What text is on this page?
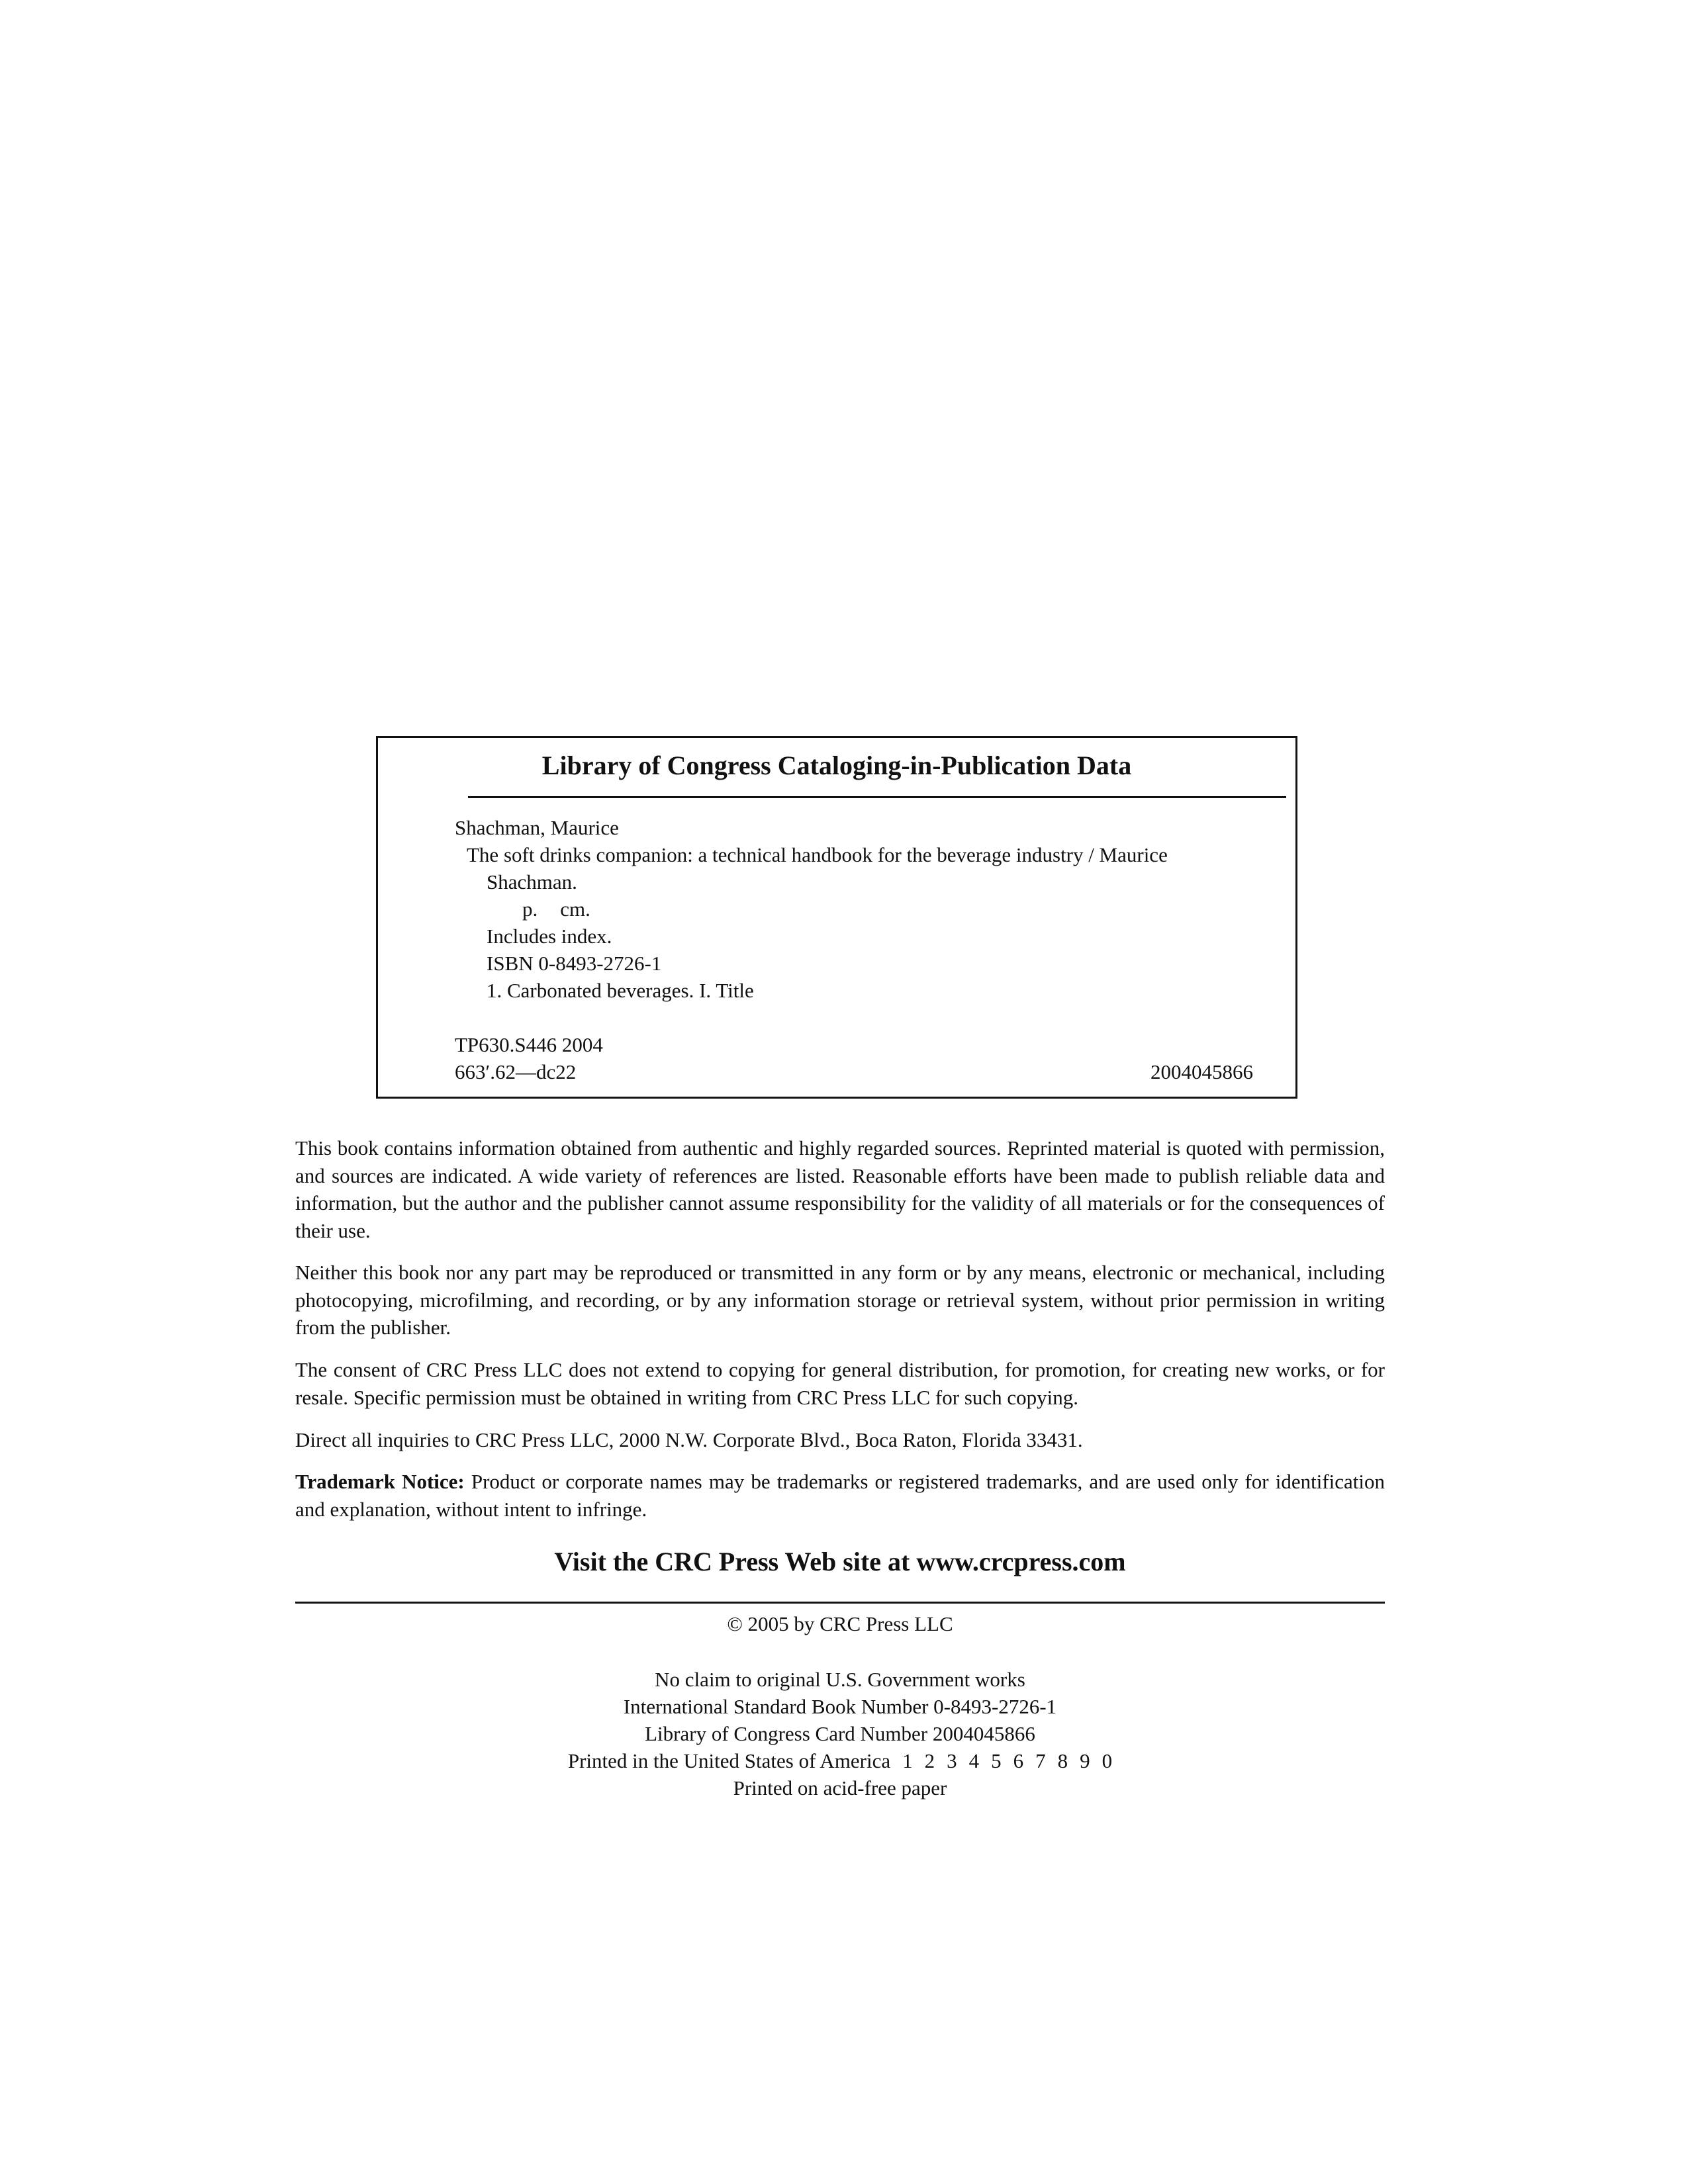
Library of Congress Cataloging-in-Publication Data
Shachman, Maurice
The soft drinks companion: a technical handbook for the beverage industry / Maurice
Shachman.
p. cm.
Includes index.
ISBN 0-8493-2726-1
1. Carbonated beverages. I. Title
TP630.S446 2004
663′.62—dc22	2004045866

This book contains information obtained from authentic and highly regarded sources. Reprinted material is quoted with permission, and sources are indicated. A wide variety of references are listed. Reasonable efforts have been made to publish reliable data and information, but the author and the publisher cannot assume responsibility for the validity of all materials or for the consequences of their use.

Neither this book nor any part may be reproduced or transmitted in any form or by any means, electronic or mechanical, including photocopying, microfilming, and recording, or by any information storage or retrieval system, without prior permission in writing from the publisher.

The consent of CRC Press LLC does not extend to copying for general distribution, for promotion, for creating new works, or for resale. Specific permission must be obtained in writing from CRC Press LLC for such copying.

Direct all inquiries to CRC Press LLC, 2000 N.W. Corporate Blvd., Boca Raton, Florida 33431.

Trademark Notice: Product or corporate names may be trademarks or registered trademarks, and are used only for identification and explanation, without intent to infringe.

Visit the CRC Press Web site at www.crcpress.com
© 2005 by CRC Press LLC
No claim to original U.S. Government works
International Standard Book Number 0-8493-2726-1
Library of Congress Card Number 2004045866
Printed in the United States of America 1 2 3 4 5 6 7 8 9 0
Printed on acid-free paper
